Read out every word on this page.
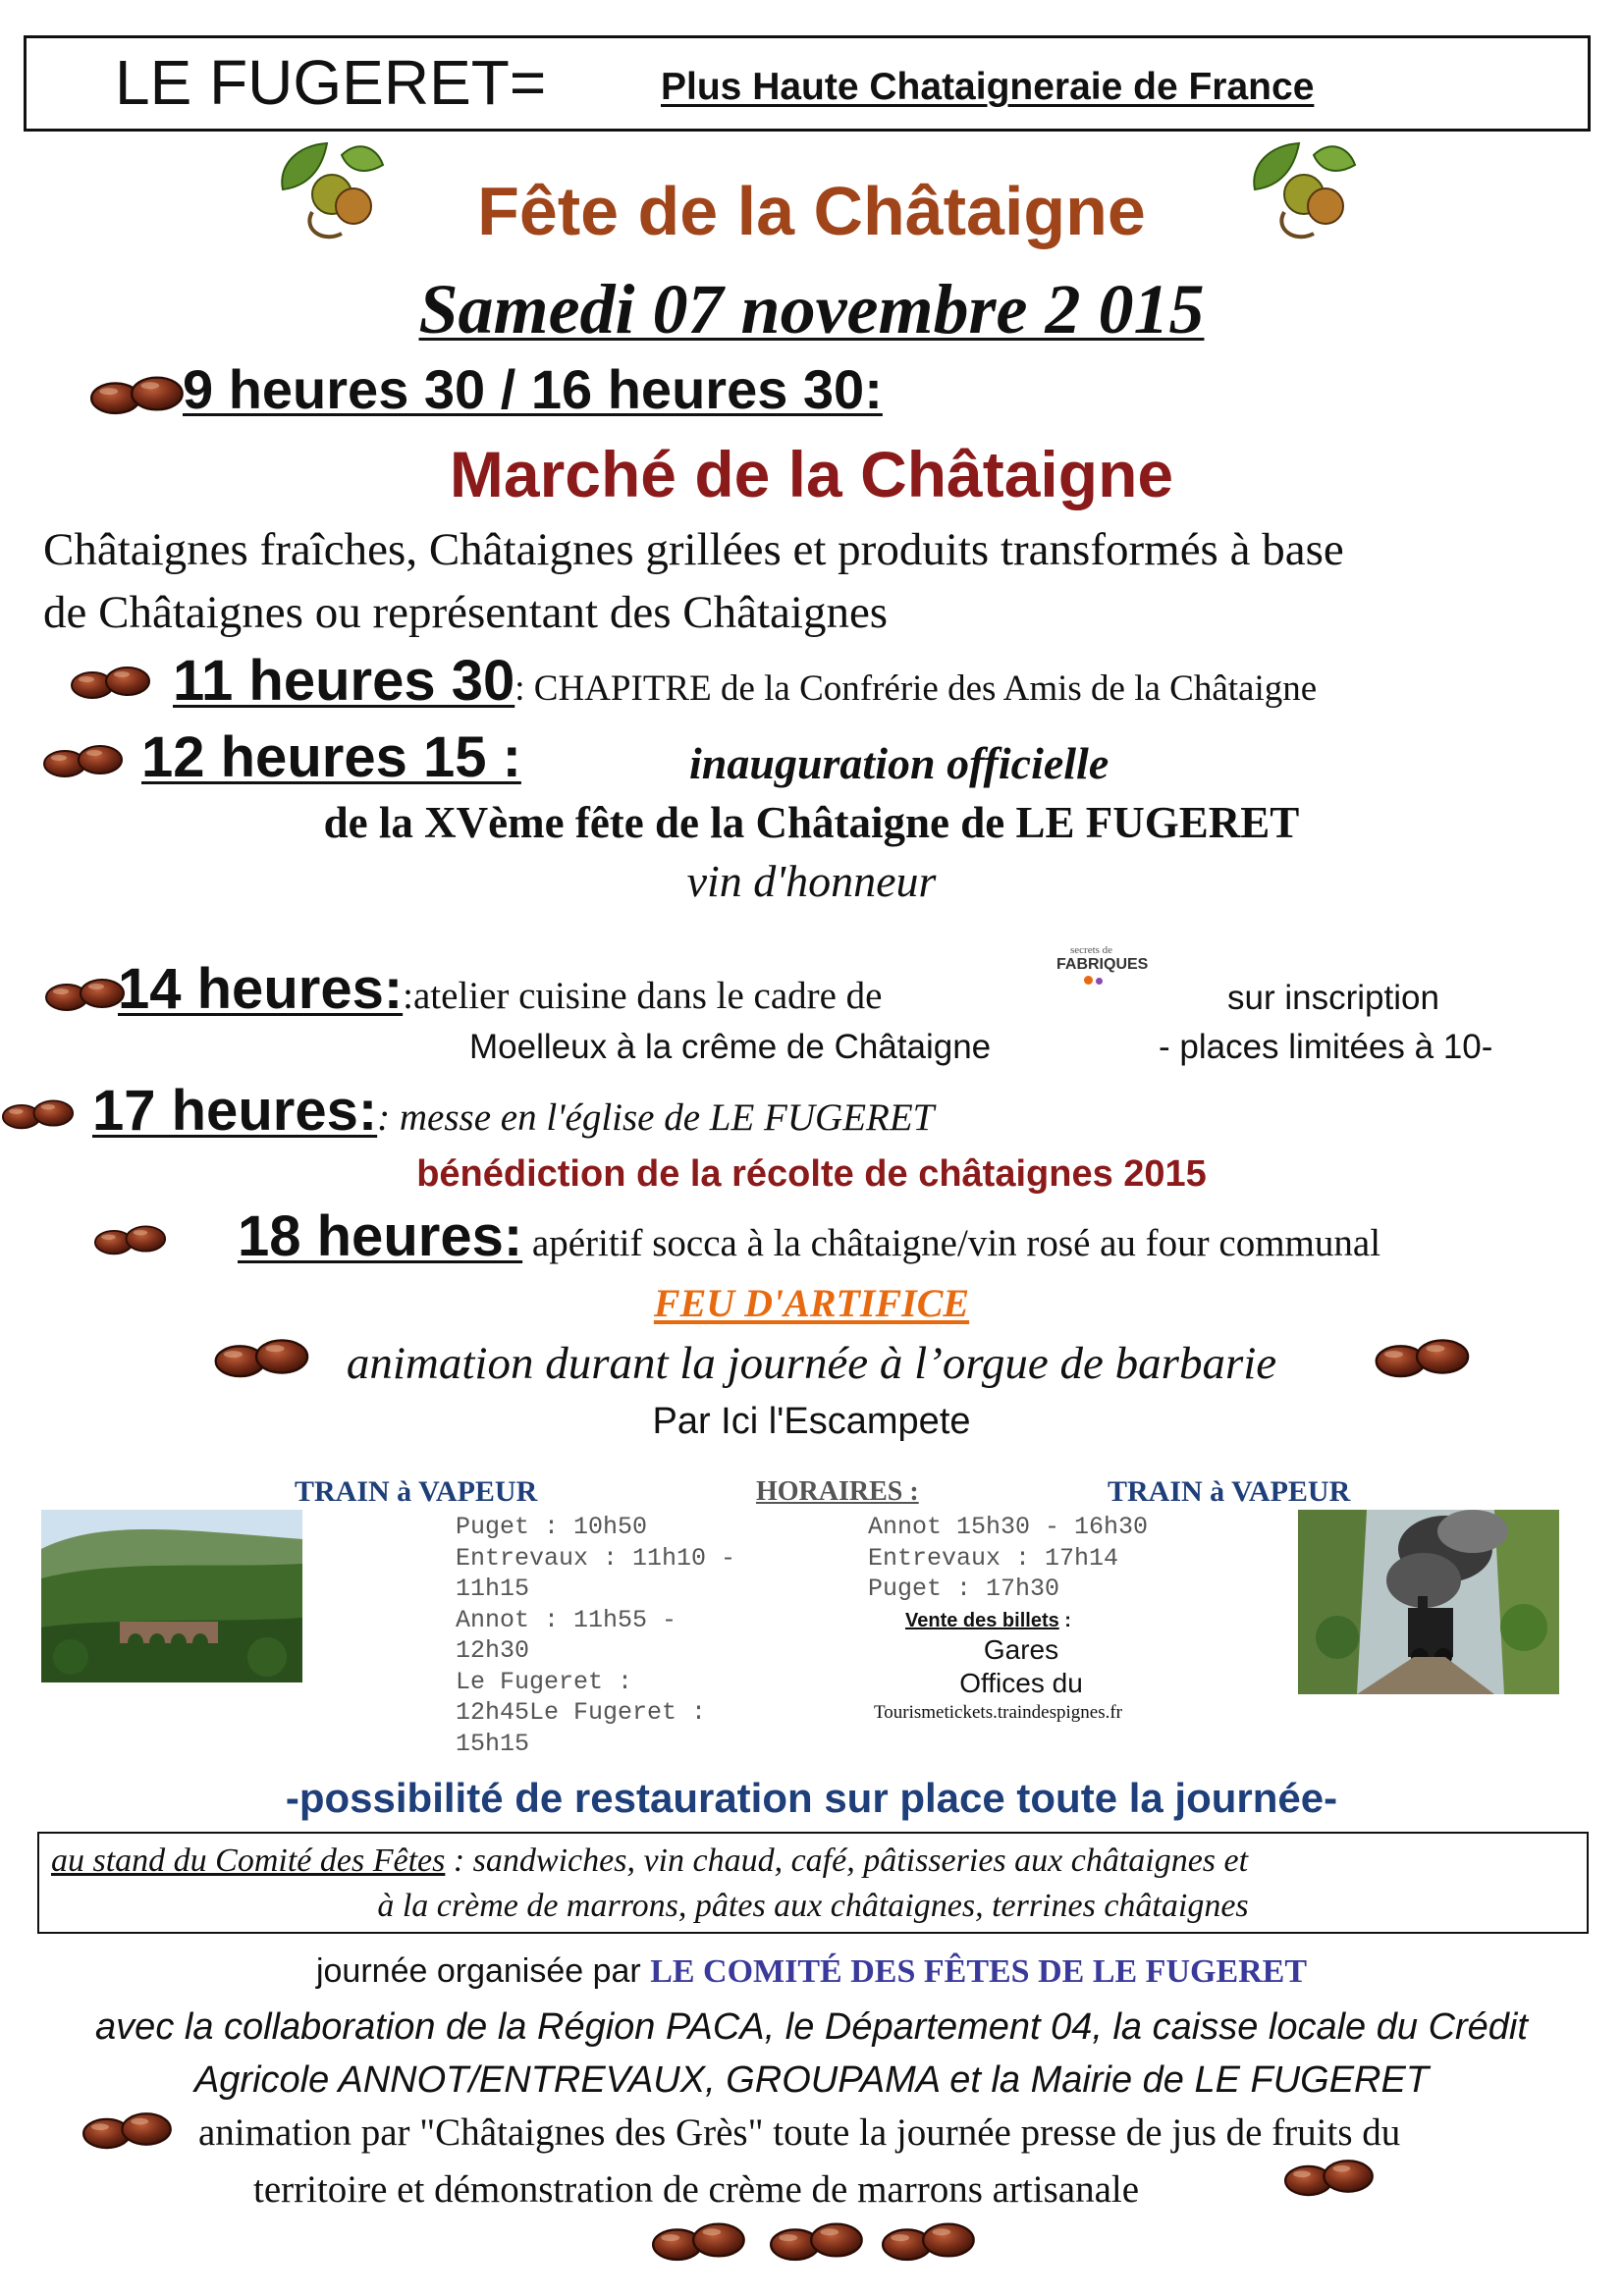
LE FUGERET=	Plus Haute Chataigneraie de France
Fête de la Châtaigne
Samedi 07 novembre 2 015
9 heures 30 / 16 heures 30:
Marché de la Châtaigne
Châtaignes fraîches, Châtaignes grillées et produits transformés à base
de Châtaignes ou représentant des Châtaignes
11 heures 30: CHAPITRE de la Confrérie des Amis de la Châtaigne
12 heures 15 :	inauguration officielle
de la XVème fête de la Châtaigne de LE FUGERET
vin d'honneur
14 heures::atelier cuisine dans le cadre de
secrets de
FABRIQUES
sur inscription
Moelleux à la crême de Châtaigne	- places limitées à 10-
17 heures:: messe en l'église de LE FUGERET
bénédiction de la récolte de châtaignes 2015
18 heures: apéritif socca à la châtaigne/vin rosé au four communal
FEU D'ARTIFICE
animation durant la journée à l’orgue de barbarie
Par Ici l'Escampete
TRAIN à VAPEUR	HORAIRES :	TRAIN à VAPEUR
Puget : 10h50
Entrevaux : 11h10 -
11h15
Annot : 11h55 -
12h30
Le Fugeret :
12h45Le Fugeret :
15h15
Annot 15h30 - 16h30
Entrevaux : 17h14
Puget : 17h30
Vente des billets :
Gares
Offices du
Tourismetickets.traindespignes.fr
-possibilité de restauration sur place toute la journée-
au stand du Comité des Fêtes : sandwiches, vin chaud, café, pâtisseries aux châtaignes et
à la crème de marrons, pâtes aux châtaignes, terrines châtaignes
journée organisée par LE COMITÉ DES FÊTES DE LE FUGERET
avec la collaboration de la Région PACA, le Département 04, la caisse locale du Crédit
Agricole ANNOT/ENTREVAUX, GROUPAMA et la Mairie de LE FUGERET
animation par "Châtaignes des Grès" toute la journée presse de jus de fruits du
territoire et démonstration de crème de marrons artisanale
